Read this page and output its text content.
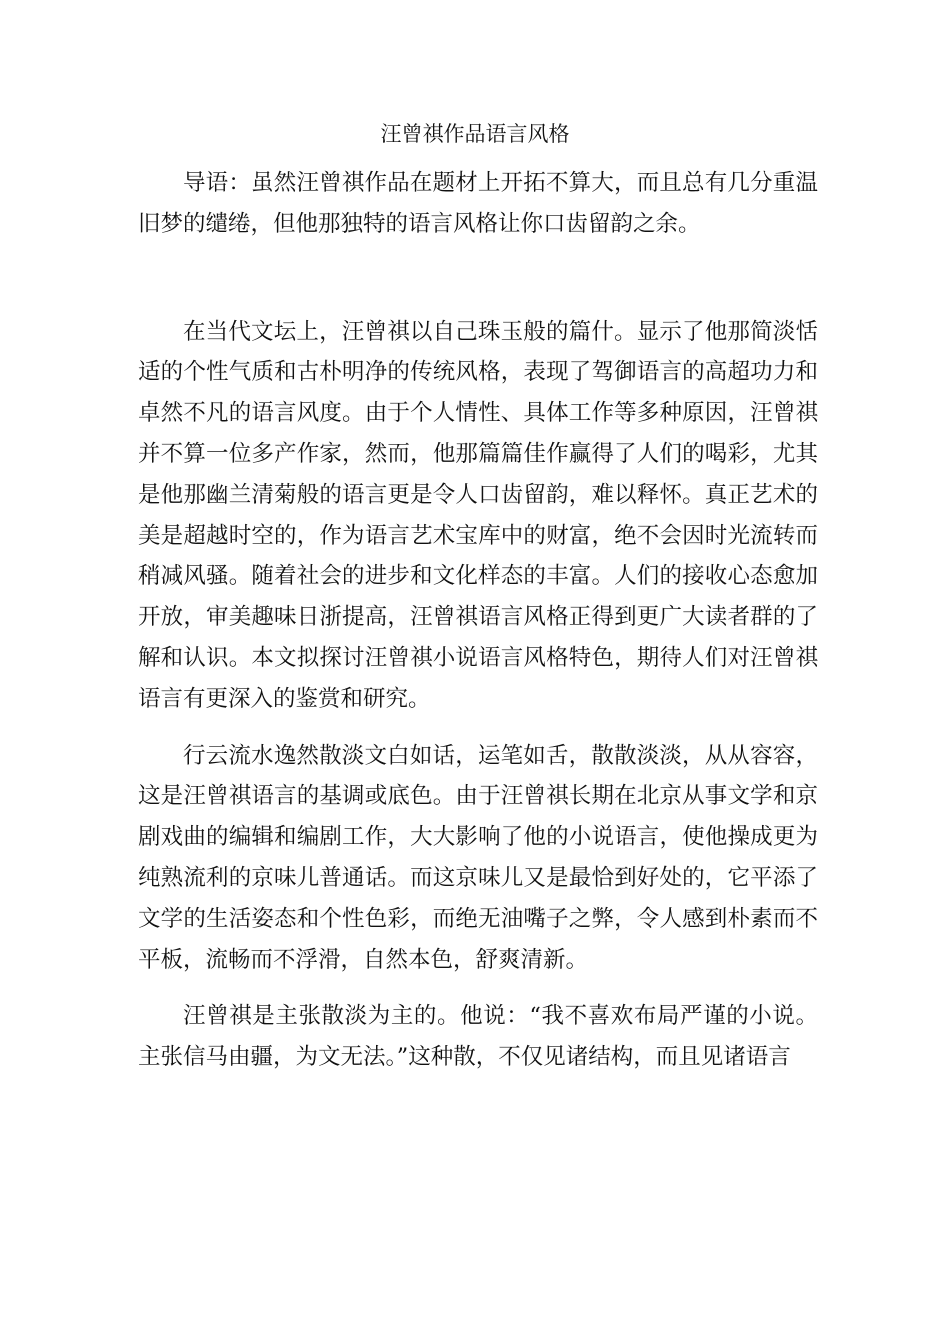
汪曾祺作品语言风格

导语：虽然汪曾祺作品在题材上开拓不算大，而且总有几分重温旧梦的缱绻，但他那独特的语言风格让你口齿留韵之余。

在当代文坛上，汪曾祺以自己珠玉般的篇什。显示了他那简淡恬适的个性气质和古朴明净的传统风格，表现了驾御语言的高超功力和卓然不凡的语言风度。由于个人情性、具体工作等多种原因，汪曾祺并不算一位多产作家，然而，他那篇篇佳作赢得了人们的喝彩，尤其是他那幽兰清菊般的语言更是令人口齿留韵，难以释怀。真正艺术的美是超越时空的，作为语言艺术宝库中的财富，绝不会因时光流转而稍减风骚。随着社会的进步和文化样态的丰富。人们的接收心态愈加开放，审美趣味日浙提高，汪曾祺语言风格正得到更广大读者群的了解和认识。本文拟探讨汪曾祺小说语言风格特色，期待人们对汪曾祺语言有更深入的鉴赏和研究。

行云流水逸然散淡文白如话，运笔如舌，散散淡淡，从从容容，这是汪曾祺语言的基调或底色。由于汪曾祺长期在北京从事文学和京剧戏曲的编辑和编剧工作，大大影响了他的小说语言，使他操成更为纯熟流利的京味儿普通话。而这京味儿又是最恰到好处的，它平添了文学的生活姿态和个性色彩，而绝无油嘴子之弊，令人感到朴素而不平板，流畅而不浮滑，自然本色，舒爽清新。

汪曾祺是主张散淡为主的。他说：“我不喜欢布局严谨的小说。主张信马由疆，为文无法。”这种散，不仅见诸结构，而且见诸语言
